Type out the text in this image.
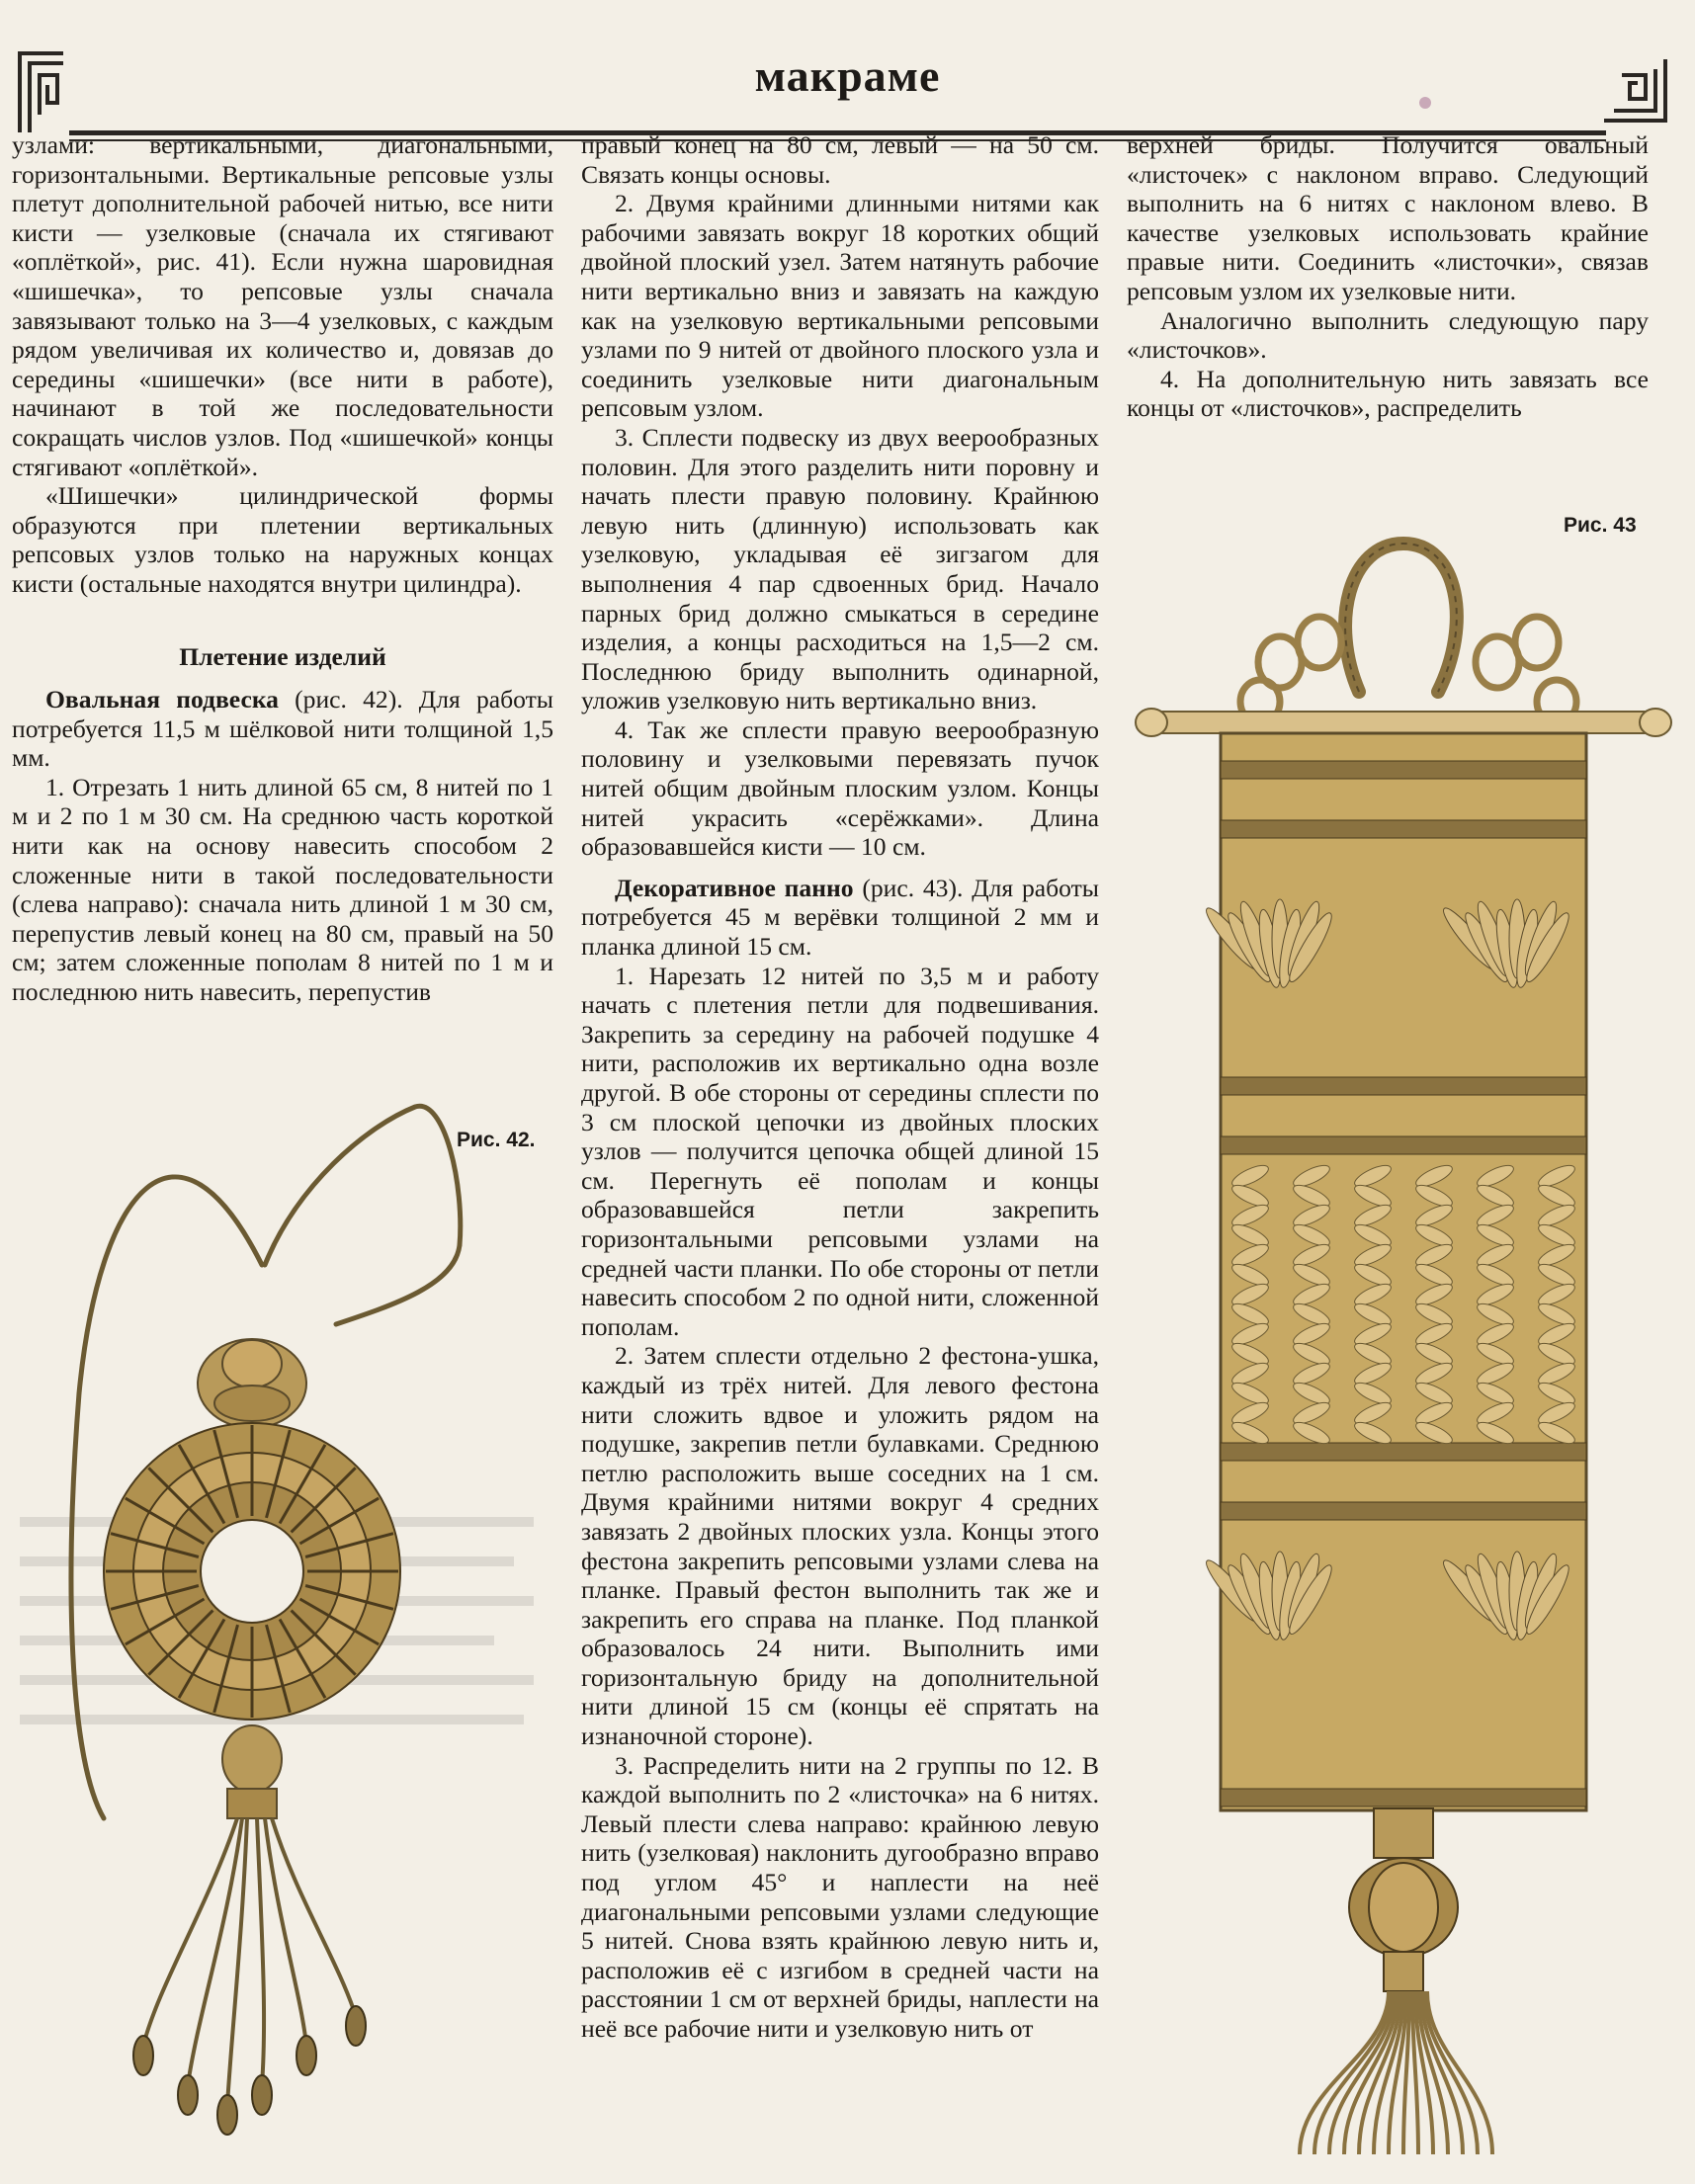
макраме

узлами: вертикальными, диагональными, горизонтальными. Вертикальные репсовые узлы плетут дополнительной рабочей нитью, все нити кисти — узелковые (сначала их стягивают «оплёткой», рис. 41). Если нужна шаровидная «шишечка», то репсовые узлы сначала завязывают только на 3—4 узелковых, с каждым рядом увеличивая их количество и, довязав до середины «шишечки» (все нити в работе), начинают в той же последовательности сокращать числов узлов. Под «шишечкой» концы стягивают «оплёткой».

«Шишечки» цилиндрической формы образуются при плетении вертикальных репсовых узлов только на наружных концах кисти (остальные находятся внутри цилиндра).

Плетение изделий

Овальная подвеска (рис. 42). Для работы потребуется 11,5 м шёлковой нити толщиной 1,5 мм.

1. Отрезать 1 нить длиной 65 см, 8 нитей по 1 м и 2 по 1 м 30 см. На среднюю часть короткой нити как на основу навесить способом 2 сложенные нити в такой последовательности (слева направо): сначала нить длиной 1 м 30 см, перепустив левый конец на 80 см, правый на 50 см; затем сложенные пополам 8 нитей по 1 м и последнюю нить навесить, перепустив

правый конец на 80 см, левый — на 50 см. Связать концы основы.

2. Двумя крайними длинными нитями как рабочими завязать вокруг 18 коротких общий двойной плоский узел. Затем натянуть рабочие нити вертикально вниз и завязать на каждую как на узелковую вертикальными репсовыми узлами по 9 нитей от двойного плоского узла и соединить узелковые нити диагональным репсовым узлом.

3. Сплести подвеску из двух веерообразных половин. Для этого разделить нити поровну и начать плести правую половину. Крайнюю левую нить (длинную) использовать как узелковую, укладывая её зигзагом для выполнения 4 пар сдвоенных брид. Начало парных брид должно смыкаться в середине изделия, а концы расходиться на 1,5—2 см. Последнюю бриду выполнить одинарной, уложив узелковую нить вертикально вниз.

4. Так же сплести правую веерообразную половину и узелковыми перевязать пучок нитей общим двойным плоским узлом. Концы нитей украсить «серёжками». Длина образовавшейся кисти — 10 см.

Декоративное панно (рис. 43). Для работы потребуется 45 м верёвки толщиной 2 мм и планка длиной 15 см.

1. Нарезать 12 нитей по 3,5 м и работу начать с плетения петли для подвешивания. Закрепить за середину на рабочей подушке 4 нити, расположив их вертикально одна возле другой. В обе стороны от середины сплести по 3 см плоской цепочки из двойных плоских узлов — получится цепочка общей длиной 15 см. Перегнуть её пополам и концы образовавшейся петли закрепить горизонтальными репсовыми узлами на средней части планки. По обе стороны от петли навесить способом 2 по одной нити, сложенной пополам.

2. Затем сплести отдельно 2 фестона-ушка, каждый из трёх нитей. Для левого фестона нити сложить вдвое и уложить рядом на подушке, закрепив петли булавками. Среднюю петлю расположить выше соседних на 1 см. Двумя крайними нитями вокруг 4 средних завязать 2 двойных плоских узла. Концы этого фестона закрепить репсовыми узлами слева на планке. Правый фестон выполнить так же и закрепить его справа на планке. Под планкой образовалось 24 нити. Выполнить ими горизонтальную бриду на дополнительной нити длиной 15 см (концы её спрятать на изнаночной стороне).

3. Распределить нити на 2 группы по 12. В каждой выполнить по 2 «листочка» на 6 нитях. Левый плести слева направо: крайнюю левую нить (узелковая) наклонить дугообразно вправо под углом 45° и наплести на неё диагональными репсовыми узлами следующие 5 нитей. Снова взять крайнюю левую нить и, расположив её с изгибом в средней части на расстоянии 1 см от верхней бриды, наплести на неё все рабочие нити и узелковую нить от

верхней бриды. Получится овальный «листочек» с наклоном вправо. Следующий выполнить на 6 нитях с наклоном влево. В качестве узелковых использовать крайние правые нити. Соединить «листочки», связав репсовым узлом их узелковые нити.

Аналогично выполнить следующую пару «листочков».

4. На дополнительную нить завязать все концы от «листочков», распределить

Рис. 42.
Рис. 43
